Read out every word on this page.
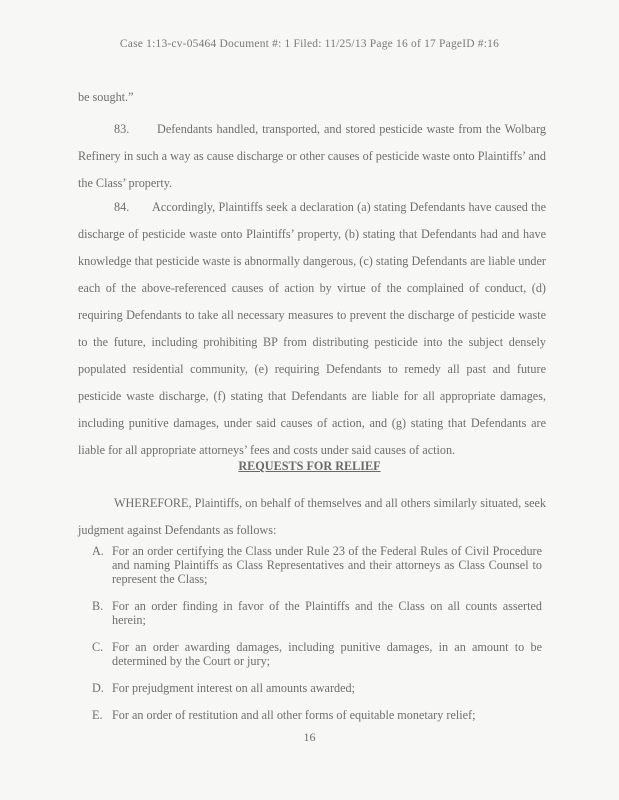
Case 1:13-cv-05464 Document #: 1 Filed: 11/25/13 Page 16 of 17 PageID #:16
be sought.”
83. Defendants handled, transported, and stored pesticide waste from the Wolbarg Refinery in such a way as cause discharge or other causes of pesticide waste onto Plaintiffs’ and the Class’ property.
84. Accordingly, Plaintiffs seek a declaration (a) stating Defendants have caused the discharge of pesticide waste onto Plaintiffs’ property, (b) stating that Defendants had and have knowledge that pesticide waste is abnormally dangerous, (c) stating Defendants are liable under each of the above-referenced causes of action by virtue of the complained of conduct, (d) requiring Defendants to take all necessary measures to prevent the discharge of pesticide waste to the future, including prohibiting BP from distributing pesticide into the subject densely populated residential community, (e) requiring Defendants to remedy all past and future pesticide waste discharge, (f) stating that Defendants are liable for all appropriate damages, including punitive damages, under said causes of action, and (g) stating that Defendants are liable for all appropriate attorneys’ fees and costs under said causes of action.
REQUESTS FOR RELIEF
WHEREFORE, Plaintiffs, on behalf of themselves and all others similarly situated, seek judgment against Defendants as follows:
A. For an order certifying the Class under Rule 23 of the Federal Rules of Civil Procedure and naming Plaintiffs as Class Representatives and their attorneys as Class Counsel to represent the Class;
B. For an order finding in favor of the Plaintiffs and the Class on all counts asserted herein;
C. For an order awarding damages, including punitive damages, in an amount to be determined by the Court or jury;
D. For prejudgment interest on all amounts awarded;
E. For an order of restitution and all other forms of equitable monetary relief;
16
